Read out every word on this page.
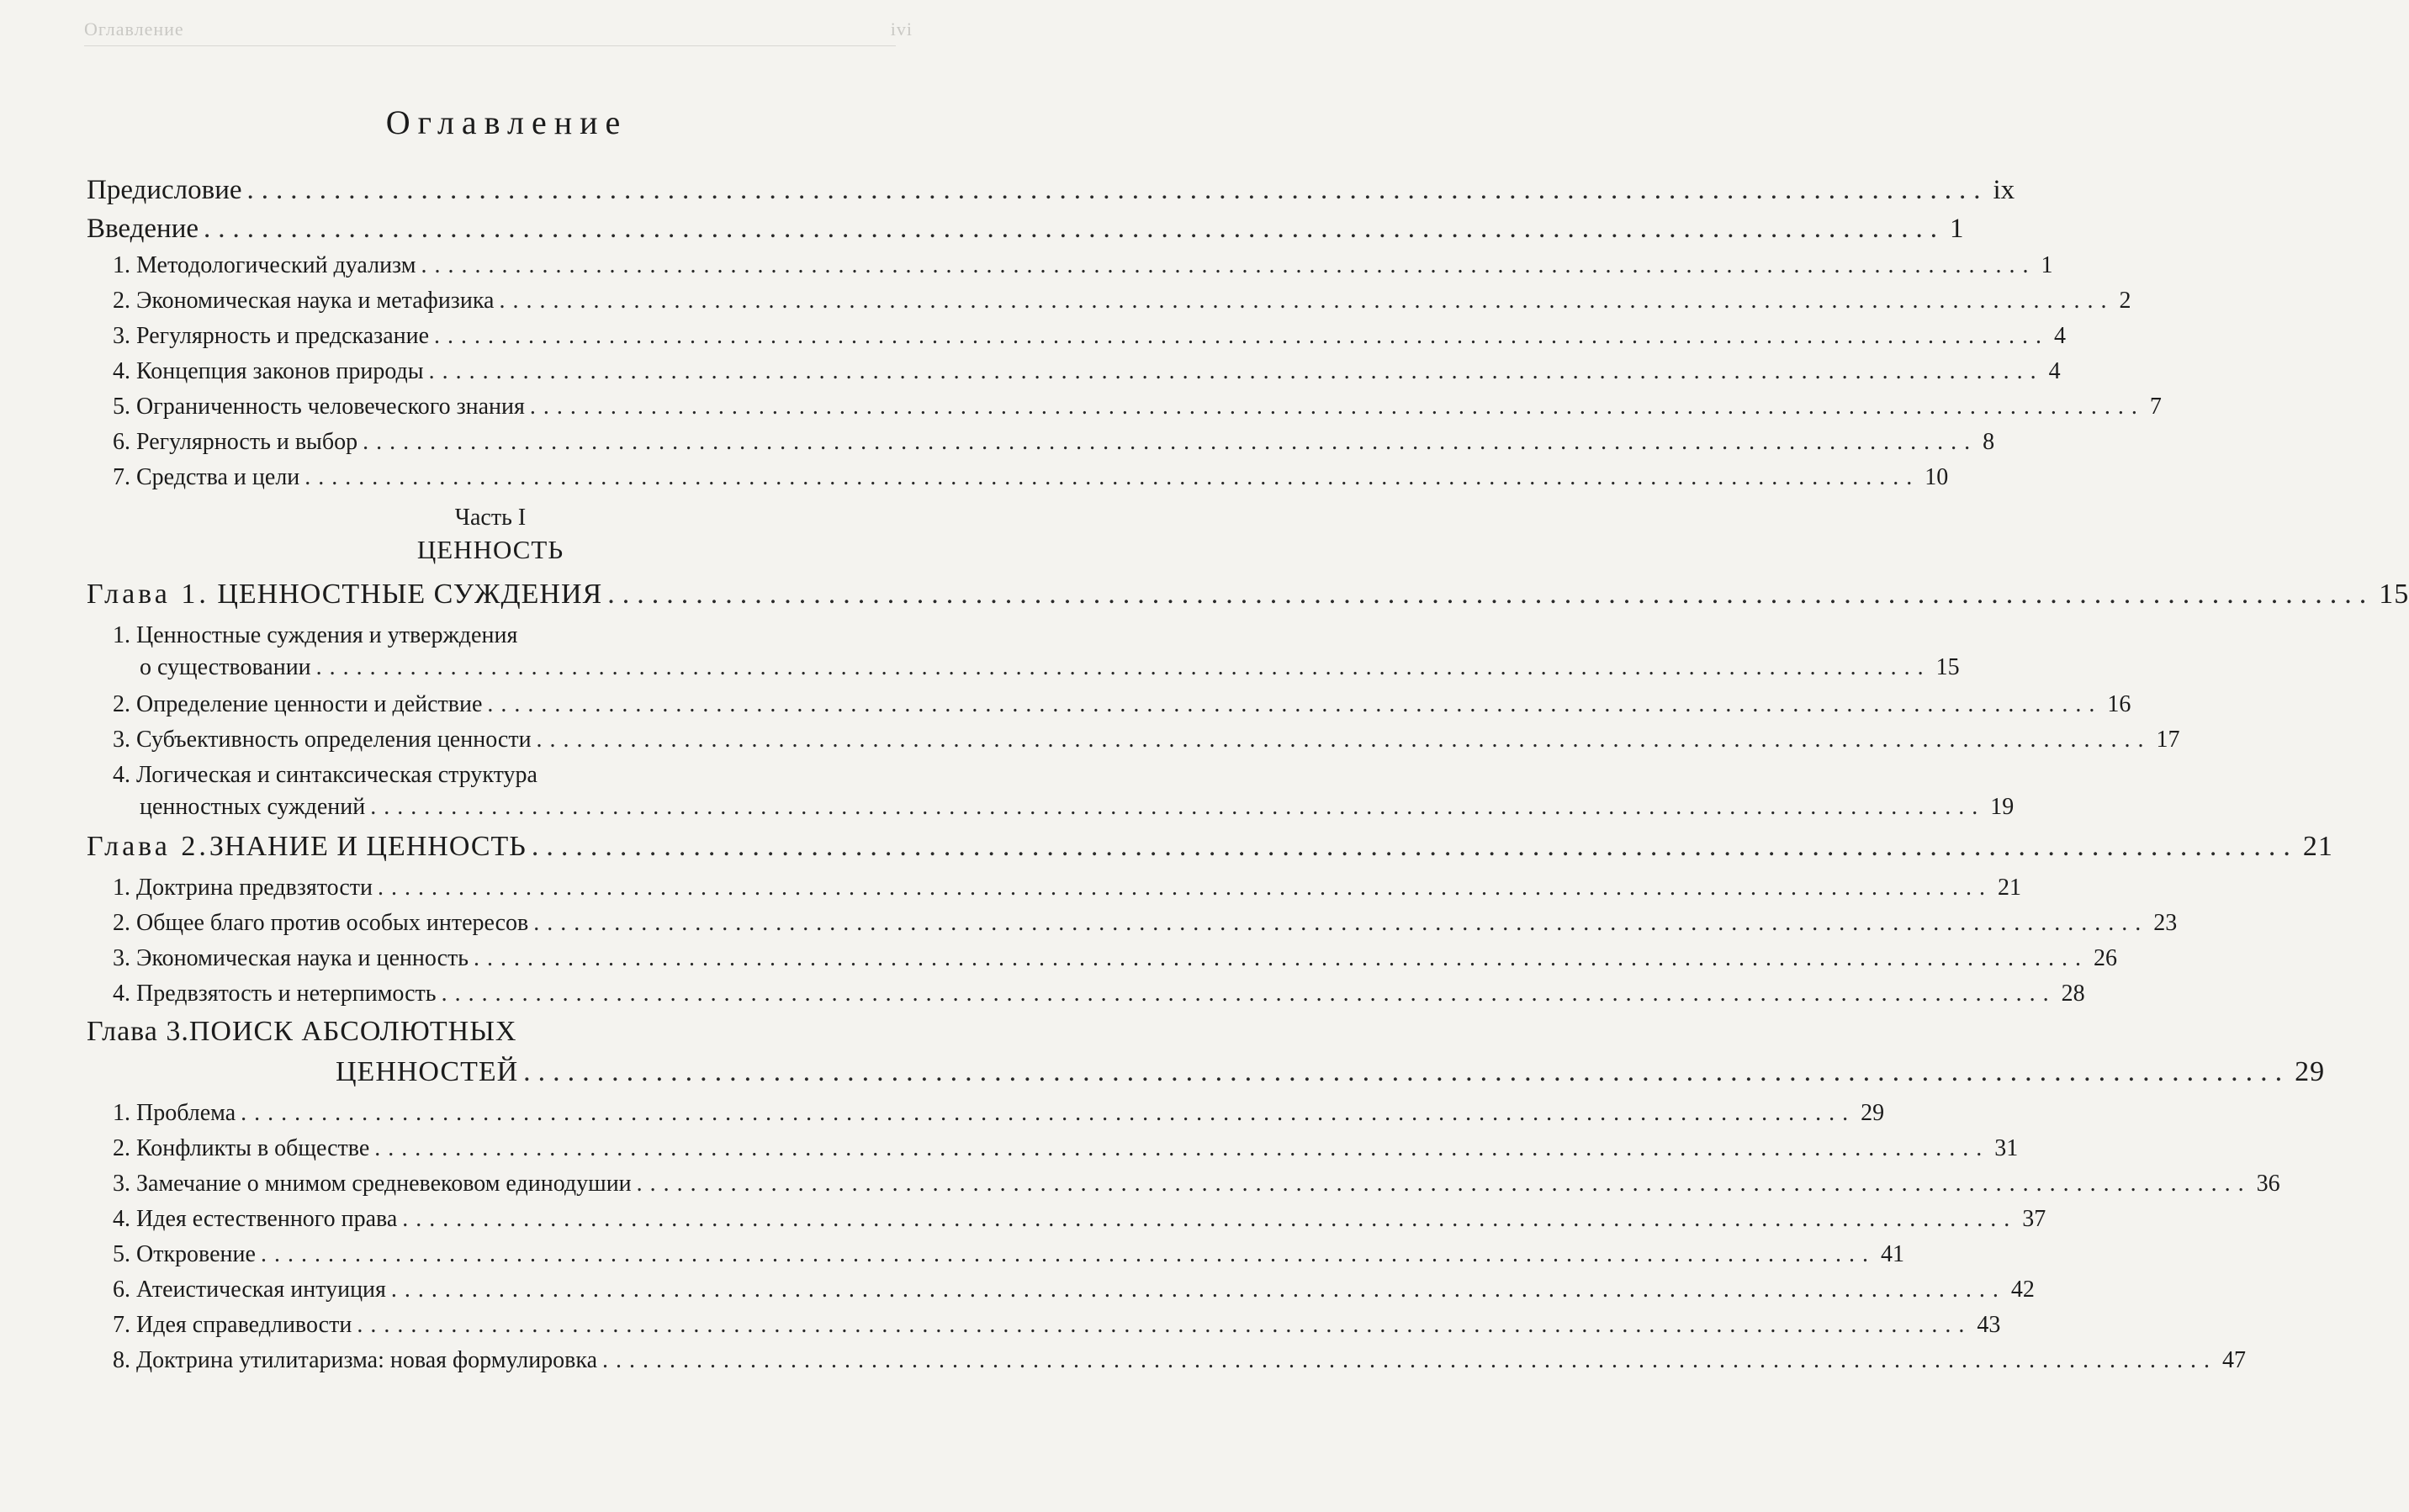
Оглавление	ivi
Оглавление
Предисловие ........................................................................................................................ ix
Введение ........................................................................................................................ 1
1. Методологический дуализм ........................................................................................................................ 1
2. Экономическая наука и метафизика ........................................................................................................................ 2
3. Регулярность и предсказание ........................................................................................................................ 4
4. Концепция законов природы ........................................................................................................................ 4
5. Ограниченность человеческого знания ........................................................................................................................ 7
6. Регулярность и выбор ........................................................................................................................ 8
7. Средства и цели ........................................................................................................................ 10
Часть I
ЦЕННОСТЬ
Глава 1. ЦЕННОСТНЫЕ СУЖДЕНИЯ ........................................................................................................................ 15
1. Ценностные суждения и утверждения
о существовании ........................................................................................................................ 15
2. Определение ценности и действие ........................................................................................................................ 16
3. Субъективность определения ценности ........................................................................................................................ 17
4. Логическая и синтаксическая структура
ценностных суждений ........................................................................................................................ 19
Глава 2.ЗНАНИЕ И ЦЕННОСТЬ ........................................................................................................................ 21
1. Доктрина предвзятости ........................................................................................................................ 21
2. Общее благо против особых интересов ........................................................................................................................ 23
3. Экономическая наука и ценность ........................................................................................................................ 26
4. Предвзятость и нетерпимость ........................................................................................................................ 28
Глава 3.ПОИСК АБСОЛЮТНЫХ
ЦЕННОСТЕЙ ........................................................................................................................ 29
1. Проблема ........................................................................................................................ 29
2. Конфликты в обществе ........................................................................................................................ 31
3. Замечание о мнимом средневековом единодушии ........................................................................................................................ 36
4. Идея естественного права ........................................................................................................................ 37
5. Откровение ........................................................................................................................ 41
6. Атеистическая интуиция ........................................................................................................................ 42
7. Идея справедливости ........................................................................................................................ 43
8. Доктрина утилитаризма: новая формулировка ........................................................................................................................ 47
